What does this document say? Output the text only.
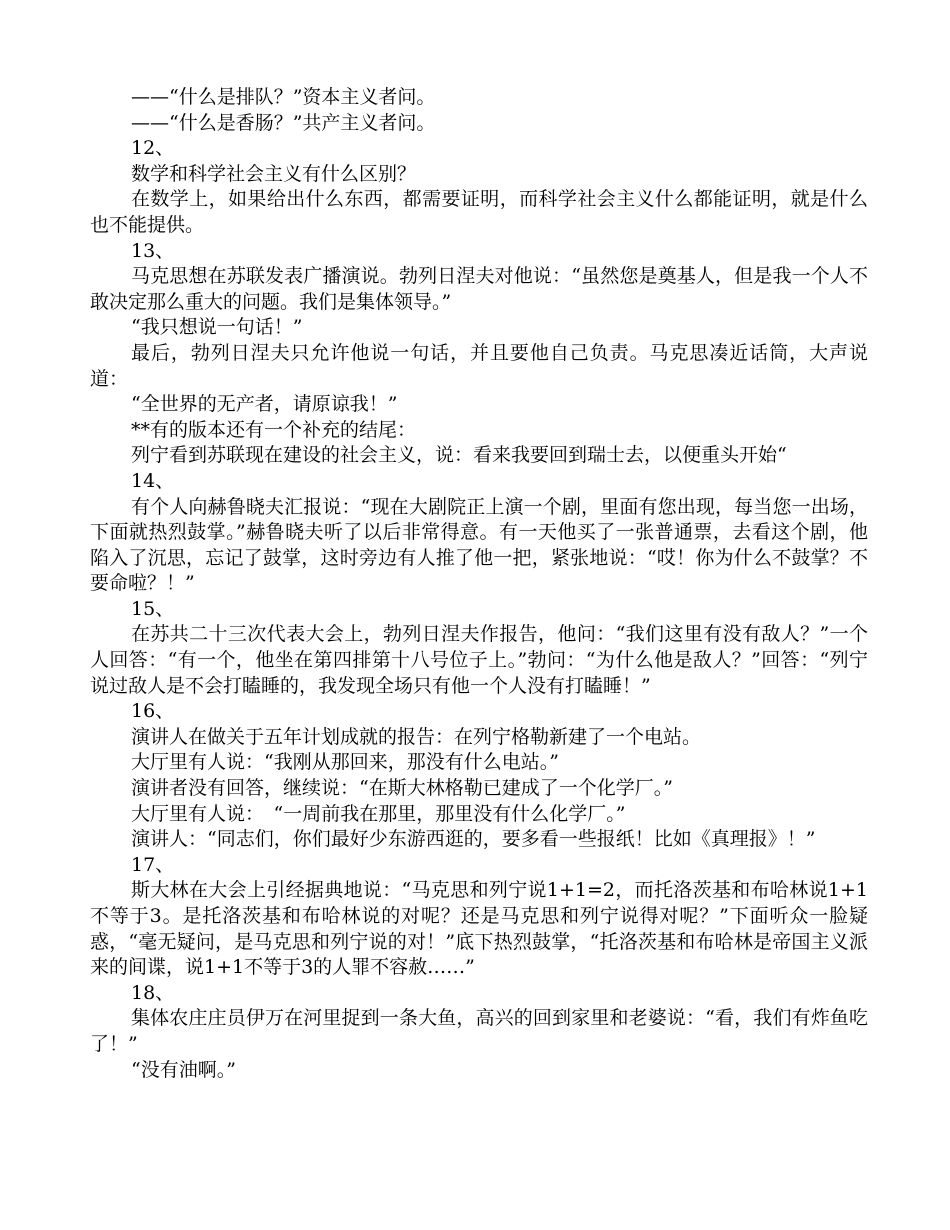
——“什么是排队？”资本主义者问。

——“什么是香肠？”共产主义者问。

12、

数学和科学社会主义有什么区别？

在数学上，如果给出什么东西，都需要证明，而科学社会主义什么都能证明，就是什么也不能提供。

13、

马克思想在苏联发表广播演说。勃列日涅夫对他说：“虽然您是奠基人，但是我一个人不敢决定那么重大的问题。我们是集体领导。”

“我只想说一句话！”

最后，勃列日涅夫只允许他说一句话，并且要他自己负责。马克思凑近话筒，大声说道：

“全世界的无产者，请原谅我！”

**有的版本还有一个补充的结尾：

列宁看到苏联现在建设的社会主义，说：看来我要回到瑞士去，以便重头开始“

14、

有个人向赫鲁晓夫汇报说：“现在大剧院正上演一个剧，里面有您出现，每当您一出场，下面就热烈鼓掌。”赫鲁晓夫听了以后非常得意。有一天他买了一张普通票，去看这个剧，他陷入了沉思，忘记了鼓掌，这时旁边有人推了他一把，紧张地说：“哎！你为什么不鼓掌？不要命啦？！”

15、

在苏共二十三次代表大会上，勃列日涅夫作报告，他问：“我们这里有没有敌人？”一个人回答：“有一个，他坐在第四排第十八号位子上。”勃问：“为什么他是敌人？”回答：“列宁说过敌人是不会打瞌睡的，我发现全场只有他一个人没有打瞌睡！”

16、

演讲人在做关于五年计划成就的报告：在列宁格勒新建了一个电站。

大厅里有人说：“我刚从那回来，那没有什么电站。”

演讲者没有回答，继续说：“在斯大林格勒已建成了一个化学厂。”

大厅里有人说：　“一周前我在那里，那里没有什么化学厂。”

演讲人：“同志们，你们最好少东游西逛的，要多看一些报纸！比如《真理报》！”

17、

斯大林在大会上引经据典地说：“马克思和列宁说1+1=2，而托洛茨基和布哈林说1+1不等于3。是托洛茨基和布哈林说的对呢？还是马克思和列宁说得对呢？”下面听众一脸疑惑，“毫无疑问，是马克思和列宁说的对！”底下热烈鼓掌，“托洛茨基和布哈林是帝国主义派来的间谍，说1+1不等于3的人罪不容赦……”

18、

集体农庄庄员伊万在河里捉到一条大鱼，高兴的回到家里和老婆说：“看，我们有炸鱼吃了！”

“没有油啊。”
